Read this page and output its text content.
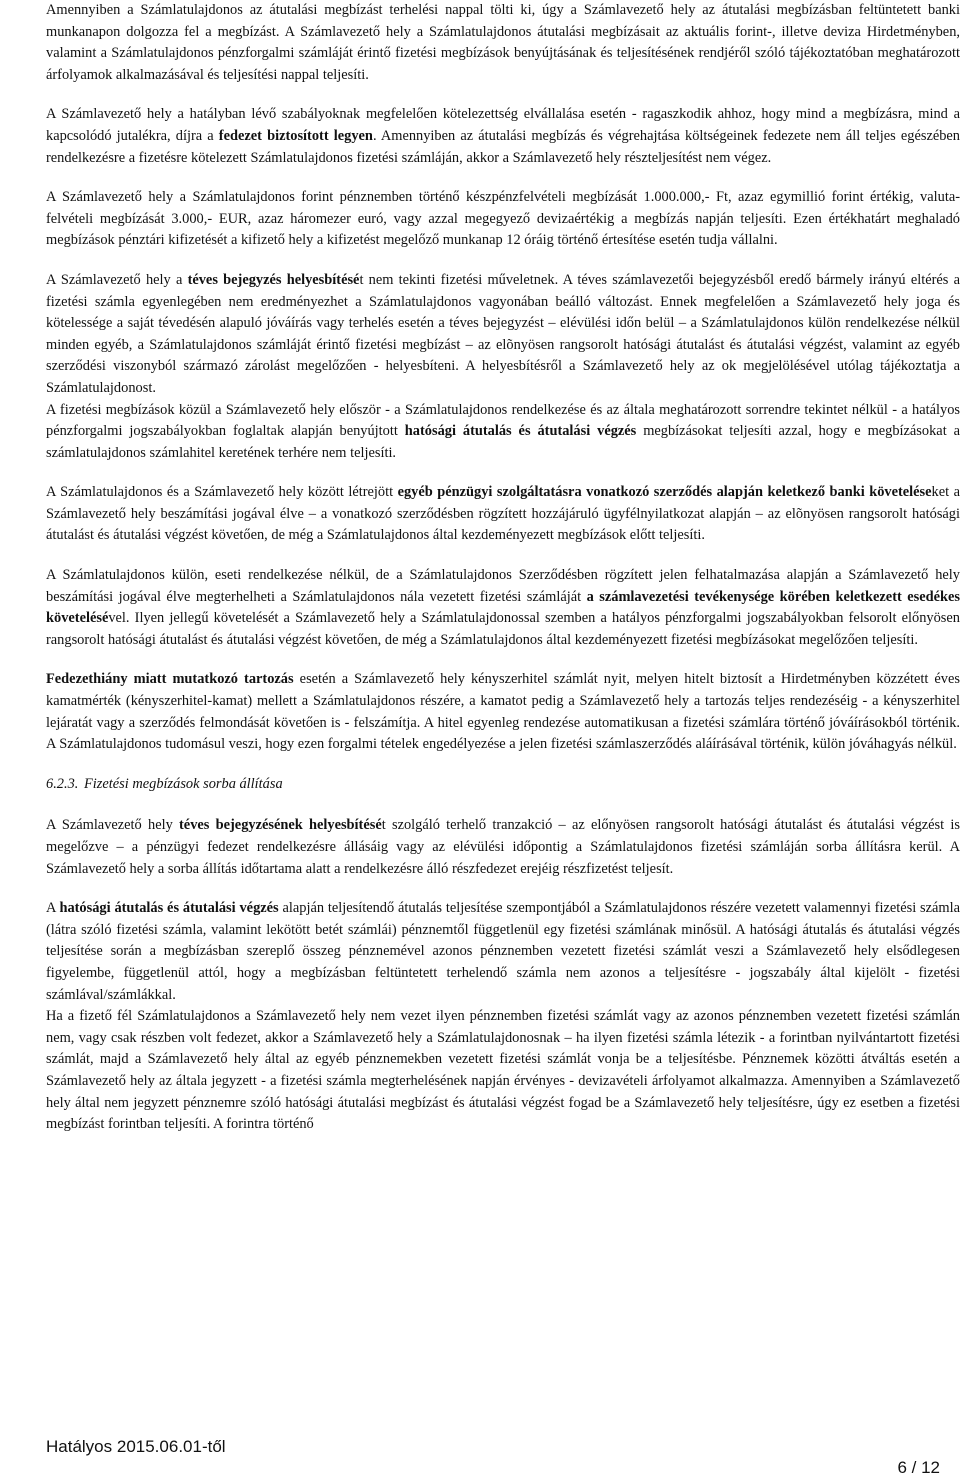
Amennyiben a Számlatulajdonos az átutalási megbízást terhelési nappal tölti ki, úgy a Számlavezető hely az átutalási megbízásban feltüntetett banki munkanapon dolgozza fel a megbízást. A Számlavezető hely a Számlatulajdonos átutalási megbízásait az aktuális forint-, illetve deviza Hirdetményben, valamint a Számlatulajdonos pénzforgalmi számláját érintő fizetési megbízások benyújtásának és teljesítésének rendjéről szóló tájékoztatóban meghatározott árfolyamok alkalmazásával és teljesítési nappal teljesíti.

A Számlavezető hely a hatályban lévő szabályoknak megfelelően kötelezettség elvállalása esetén - ragaszkodik ahhoz, hogy mind a megbízásra, mind a kapcsolódó jutalékra, díjra a fedezet biztosított legyen. Amennyiben az átutalási megbízás és végrehajtása költségeinek fedezete nem áll teljes egészében rendelkezésre a fizetésre kötelezett Számlatulajdonos fizetési számláján, akkor a Számlavezető hely részteljesítést nem végez.

A Számlavezető hely a Számlatulajdonos forint pénznemben történő készpénzfelvételi megbízását 1.000.000,- Ft, azaz egymillió forint értékig, valuta-felvételi megbízását 3.000,- EUR, azaz háromezer euró, vagy azzal megegyező devizaértékig a megbízás napján teljesíti. Ezen értékhatárt meghaladó megbízások pénztári kifizetését a kifizető hely a kifizetést megelőző munkanap 12 óráig történő értesítése esetén tudja vállalni.

A Számlavezető hely a téves bejegyzés helyesbítését nem tekinti fizetési műveletnek. A téves számlavezetői bejegyzésből eredő bármely irányú eltérés a fizetési számla egyenlegében nem eredményezhet a Számlatulajdonos vagyonában beálló változást. Ennek megfelelően a Számlavezető hely joga és kötelessége a saját tévedésén alapuló jóváírás vagy terhelés esetén a téves bejegyzést – elévülési időn belül – a Számlatulajdonos külön rendelkezése nélkül minden egyéb, a Számlatulajdonos számláját érintő fizetési megbízást – az elõnyösen rangsorolt hatósági átutalást és átutalási végzést, valamint az egyéb szerződési viszonyból származó zárolást megelőzően - helyesbíteni. A helyesbítésről a Számlavezető hely az ok megjelölésével utólag tájékoztatja a Számlatulajdonost.

A fizetési megbízások közül a Számlavezető hely először - a Számlatulajdonos rendelkezése és az általa meghatározott sorrendre tekintet nélkül - a hatályos pénzforgalmi jogszabályokban foglaltak alapján benyújtott hatósági átutalás és átutalási végzés megbízásokat teljesíti azzal, hogy e megbízásokat a számlatulajdonos számlahitel keretének terhére nem teljesíti.

A Számlatulajdonos és a Számlavezető hely között létrejött egyéb pénzügyi szolgáltatásra vonatkozó szerződés alapján keletkező banki követeléseket a Számlavezető hely beszámítási jogával élve – a vonatkozó szerződésben rögzített hozzájáruló ügyfélnyilatkozat alapján – az elõnyösen rangsorolt hatósági átutalást és átutalási végzést követően, de még a Számlatulajdonos által kezdeményezett megbízások előtt teljesíti.

A Számlatulajdonos külön, eseti rendelkezése nélkül, de a Számlatulajdonos Szerződésben rögzített jelen felhatalmazása alapján a Számlavezető hely beszámítási jogával élve megterhelheti a Számlatulajdonos nála vezetett fizetési számláját a számlavezetési tevékenysége körében keletkezett esedékes követelésével. Ilyen jellegű követelését a Számlavezető hely a Számlatulajdonossal szemben a hatályos pénzforgalmi jogszabályokban felsorolt előnyösen rangsorolt hatósági átutalást és átutalási végzést követően, de még a Számlatulajdonos által kezdeményezett fizetési megbízásokat megelőzően teljesíti.

Fedezethiány miatt mutatkozó tartozás esetén a Számlavezető hely kényszerhitel számlát nyit, melyen hitelt biztosít a Hirdetményben közzétett éves kamatmérték (kényszerhitel-kamat) mellett a Számlatulajdonos részére, a kamatot pedig a Számlavezető hely a tartozás teljes rendezéséig - a kényszerhitel lejáratát vagy a szerződés felmondását követően is - felszámítja. A hitel egyenleg rendezése automatikusan a fizetési számlára történő jóváírásokból történik. A Számlatulajdonos tudomásul veszi, hogy ezen forgalmi tételek engedélyezése a jelen fizetési számlaszerződés aláírásával történik, külön jóváhagyás nélkül.

6.2.3. Fizetési megbízások sorba állítása

A Számlavezető hely téves bejegyzésének helyesbítését szolgáló terhelő tranzakció – az előnyösen rangsorolt hatósági átutalást és átutalási végzést is megelőzve – a pénzügyi fedezet rendelkezésre állásáig vagy az elévülési időpontig a Számlatulajdonos fizetési számláján sorba állításra kerül. A Számlavezető hely a sorba állítás időtartama alatt a rendelkezésre álló részfedezet erejéig részfizetést teljesít.

A hatósági átutalás és átutalási végzés alapján teljesítendő átutalás teljesítése szempontjából a Számlatulajdonos részére vezetett valamennyi fizetési számla (látra szóló fizetési számla, valamint lekötött betét számlái) pénznemtől függetlenül egy fizetési számlának minősül. A hatósági átutalás és átutalási végzés teljesítése során a megbízásban szereplő összeg pénznemével azonos pénznemben vezetett fizetési számlát veszi a Számlavezető hely elsődlegesen figyelembe, függetlenül attól, hogy a megbízásban feltüntetett terhelendő számla nem azonos a teljesítésre - jogszabály által kijelölt - fizetési számlával/számlákkal.

Ha a fizető fél Számlatulajdonos a Számlavezető hely nem vezet ilyen pénznemben fizetési számlát vagy az azonos pénznemben vezetett fizetési számlán nem, vagy csak részben volt fedezet, akkor a Számlavezető hely a Számlatulajdonosnak – ha ilyen fizetési számla létezik - a forintban nyilvántartott fizetési számlát, majd a Számlavezető hely által az egyéb pénznemekben vezetett fizetési számlát vonja be a teljesítésbe. Pénznemek közötti átváltás esetén a Számlavezető hely az általa jegyzett - a fizetési számla megterhelésének napján érvényes - devizavételi árfolyamot alkalmazza. Amennyiben a Számlavezető hely által nem jegyzett pénznemre szóló hatósági átutalási megbízást és átutalási végzést fogad be a Számlavezető hely teljesítésre, úgy ez esetben a fizetési megbízást forintban teljesíti. A forintra történő

Hatályos 2015.06.01-től
6 / 12
